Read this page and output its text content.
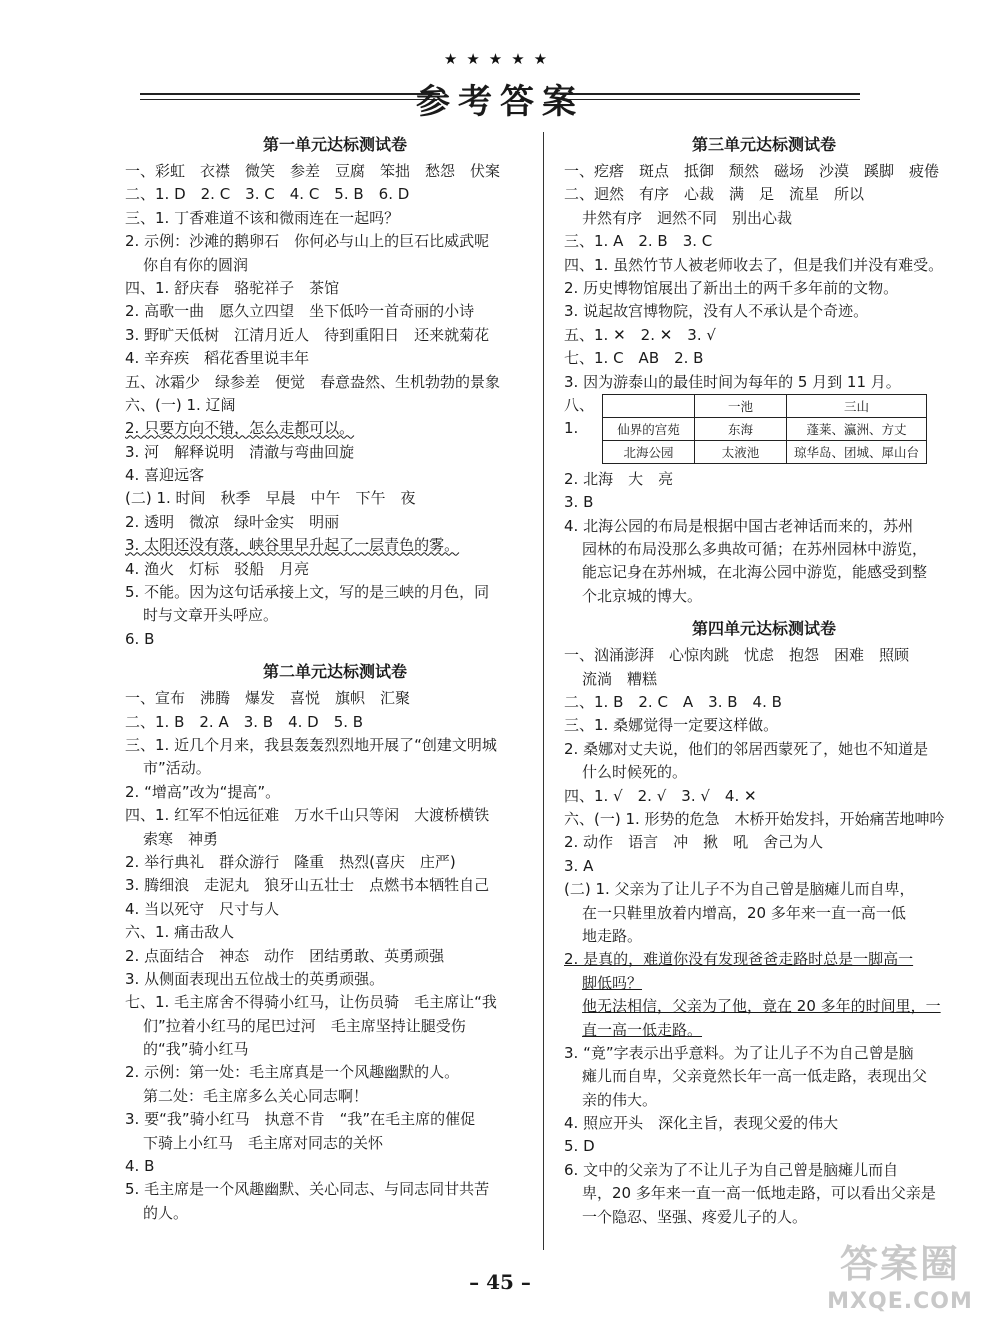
★★★★★
参考答案
第一单元达标测试卷
一、彩虹　衣襟　微笑　参差　豆腐　笨拙　愁怨　伏案
二、1. D　2. C　3. C　4. C　5. B　6. D
三、1. 丁香难道不该和微雨连在一起吗？
2. 示例：沙滩的鹅卵石　你何必与山上的巨石比威武呢
你自有你的圆润
四、1. 舒庆春　骆驼祥子　茶馆
2. 高歌一曲　愿久立四望　坐下低吟一首奇丽的小诗
3. 野旷天低树　江清月近人　待到重阳日　还来就菊花
4. 辛弃疾　稻花香里说丰年
五、冰霜少　绿参差　便觉　春意盎然、生机勃勃的景象
六、(一) 1. 辽阔
2. 只要方向不错，怎么走都可以。
3. 河　解释说明　清澈与弯曲回旋
4. 喜迎远客
(二) 1. 时间　秋季　早晨　中午　下午　夜
2. 透明　微凉　绿叶金实　明丽
3. 太阳还没有落，峡谷里早升起了一层青色的雾。
4. 渔火　灯标　驳船　月亮
5. 不能。因为这句话承接上文，写的是三峡的月色，同
时与文章开头呼应。
6. B
第二单元达标测试卷
一、宣布　沸腾　爆发　喜悦　旗帜　汇聚
二、1. B　2. A　3. B　4. D　5. B
三、1. 近几个月来，我县轰轰烈烈地开展了“创建文明城
市”活动。
2. “增高”改为“提高”。
四、1. 红军不怕远征难　万水千山只等闲　大渡桥横铁
索寒　神勇
2. 举行典礼　群众游行　隆重　热烈(喜庆　庄严)
3. 腾细浪　走泥丸　狼牙山五壮士　点燃书本牺牲自己
4. 当以死守　尺寸与人
六、1. 痛击敌人
2. 点面结合　神态　动作　团结勇敢、英勇顽强
3. 从侧面表现出五位战士的英勇顽强。
七、1. 毛主席舍不得骑小红马，让伤员骑　毛主席让“我
们”拉着小红马的尾巴过河　毛主席坚持让腿受伤
的“我”骑小红马
2. 示例：第一处：毛主席真是一个风趣幽默的人。
第二处：毛主席多么关心同志啊！
3. 要“我”骑小红马　执意不肯　“我”在毛主席的催促
下骑上小红马　毛主席对同志的关怀
4. B
5. 毛主席是一个风趣幽默、关心同志、与同志同甘共苦
的人。
第三单元达标测试卷
一、疙瘩　斑点　抵御　颓然　磁场　沙漠　蹊脚　疲倦
二、迥然　有序　心裁　满　足　流星　所以
井然有序　迥然不同　别出心裁
三、1. A　2. B　3. C
四、1. 虽然竹节人被老师收去了，但是我们并没有难受。
2. 历史博物馆展出了新出土的两千多年前的文物。
3. 说起故宫博物院，没有人不承认是个奇迹。
五、1. ✕　2. ✕　3. √
七、1. C　AB　2. B
3. 因为游泰山的最佳时间为每年的 5 月到 11 月。
八、1.
	一池	三山
仙界的宫苑	东海	蓬莱、瀛洲、方丈
北海公园	太液池	琼华岛、团城、犀山台
2. 北海　大　亮
3. B
4. 北海公园的布局是根据中国古老神话而来的，苏州
园林的布局没那么多典故可循；在苏州园林中游览，
能忘记身在苏州城，在北海公园中游览，能感受到整
个北京城的博大。
第四单元达标测试卷
一、汹涌澎湃　心惊肉跳　忧虑　抱怨　困难　照顾
流淌　糟糕
二、1. B　2. C　A　3. B　4. B
三、1. 桑娜觉得一定要这样做。
2. 桑娜对丈夫说，他们的邻居西蒙死了，她也不知道是
什么时候死的。
四、1. √　2. √　3. √　4. ✕
六、(一) 1. 形势的危急　木桥开始发抖，开始痛苦地呻吟
2. 动作　语言　冲　揪　吼　舍己为人
3. A
(二) 1. 父亲为了让儿子不为自己曾是脑瘫儿而自卑，
在一只鞋里放着内增高，20 多年来一直一高一低
地走路。
2. 是真的，难道你没有发现爸爸走路时总是一脚高一
脚低吗？
他无法相信，父亲为了他，竟在 20 多年的时间里，一
直一高一低走路。
3. “竟”字表示出乎意料。为了让儿子不为自己曾是脑
瘫儿而自卑，父亲竟然长年一高一低走路，表现出父
亲的伟大。
4. 照应开头　深化主旨，表现父爱的伟大
5. D
6. 文中的父亲为了不让儿子为自己曾是脑瘫儿而自
卑，20 多年来一直一高一低地走路，可以看出父亲是
一个隐忍、坚强、疼爱儿子的人。
– 45 –	答案圈
MXQE.COM
